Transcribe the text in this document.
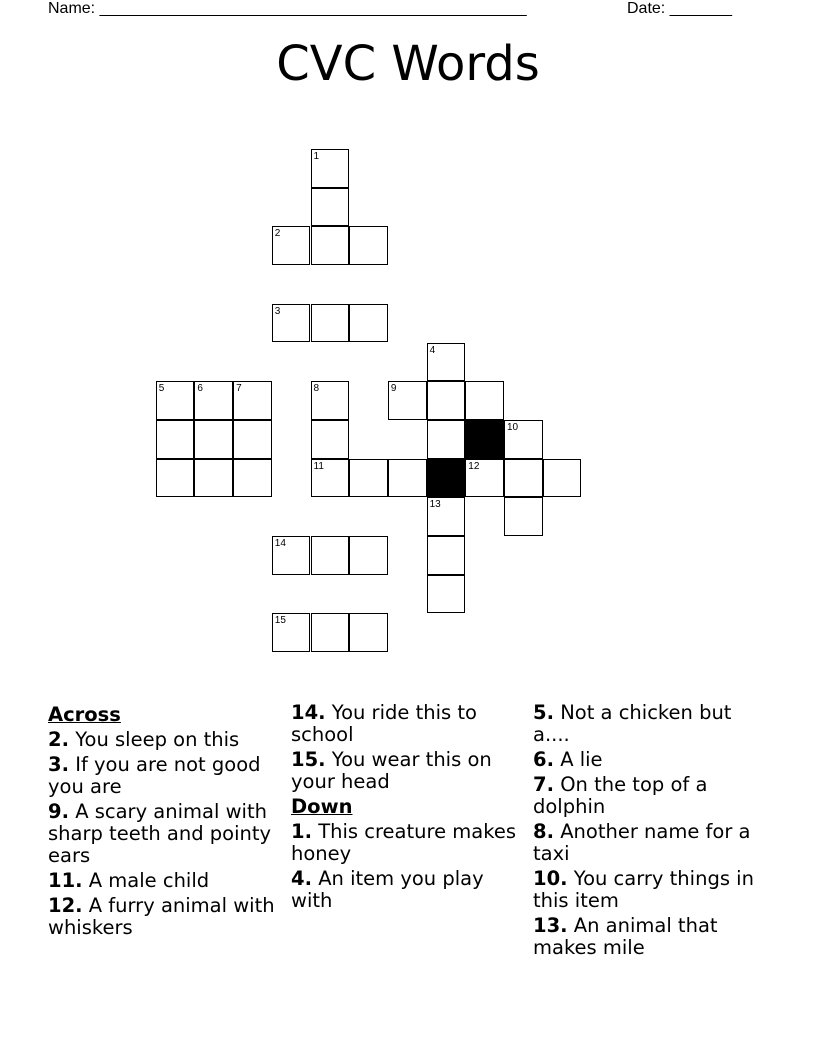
Name: ________________________________________________	Date: _______
CVC Words
1
2
3
4
5	6	7	8	9
10
11	12
13
14
15
Across
2. You sleep on this
3. If you are not good you are
9. A scary animal with sharp teeth and pointy ears
11. A male child
12. A furry animal with whiskers
14. You ride this to school
15. You wear this on your head
Down
1. This creature makes honey
4. An item you play with
5. Not a chicken but a....
6. A lie
7. On the top of a dolphin
8. Another name for a taxi
10. You carry things in this item
13. An animal that makes mile
